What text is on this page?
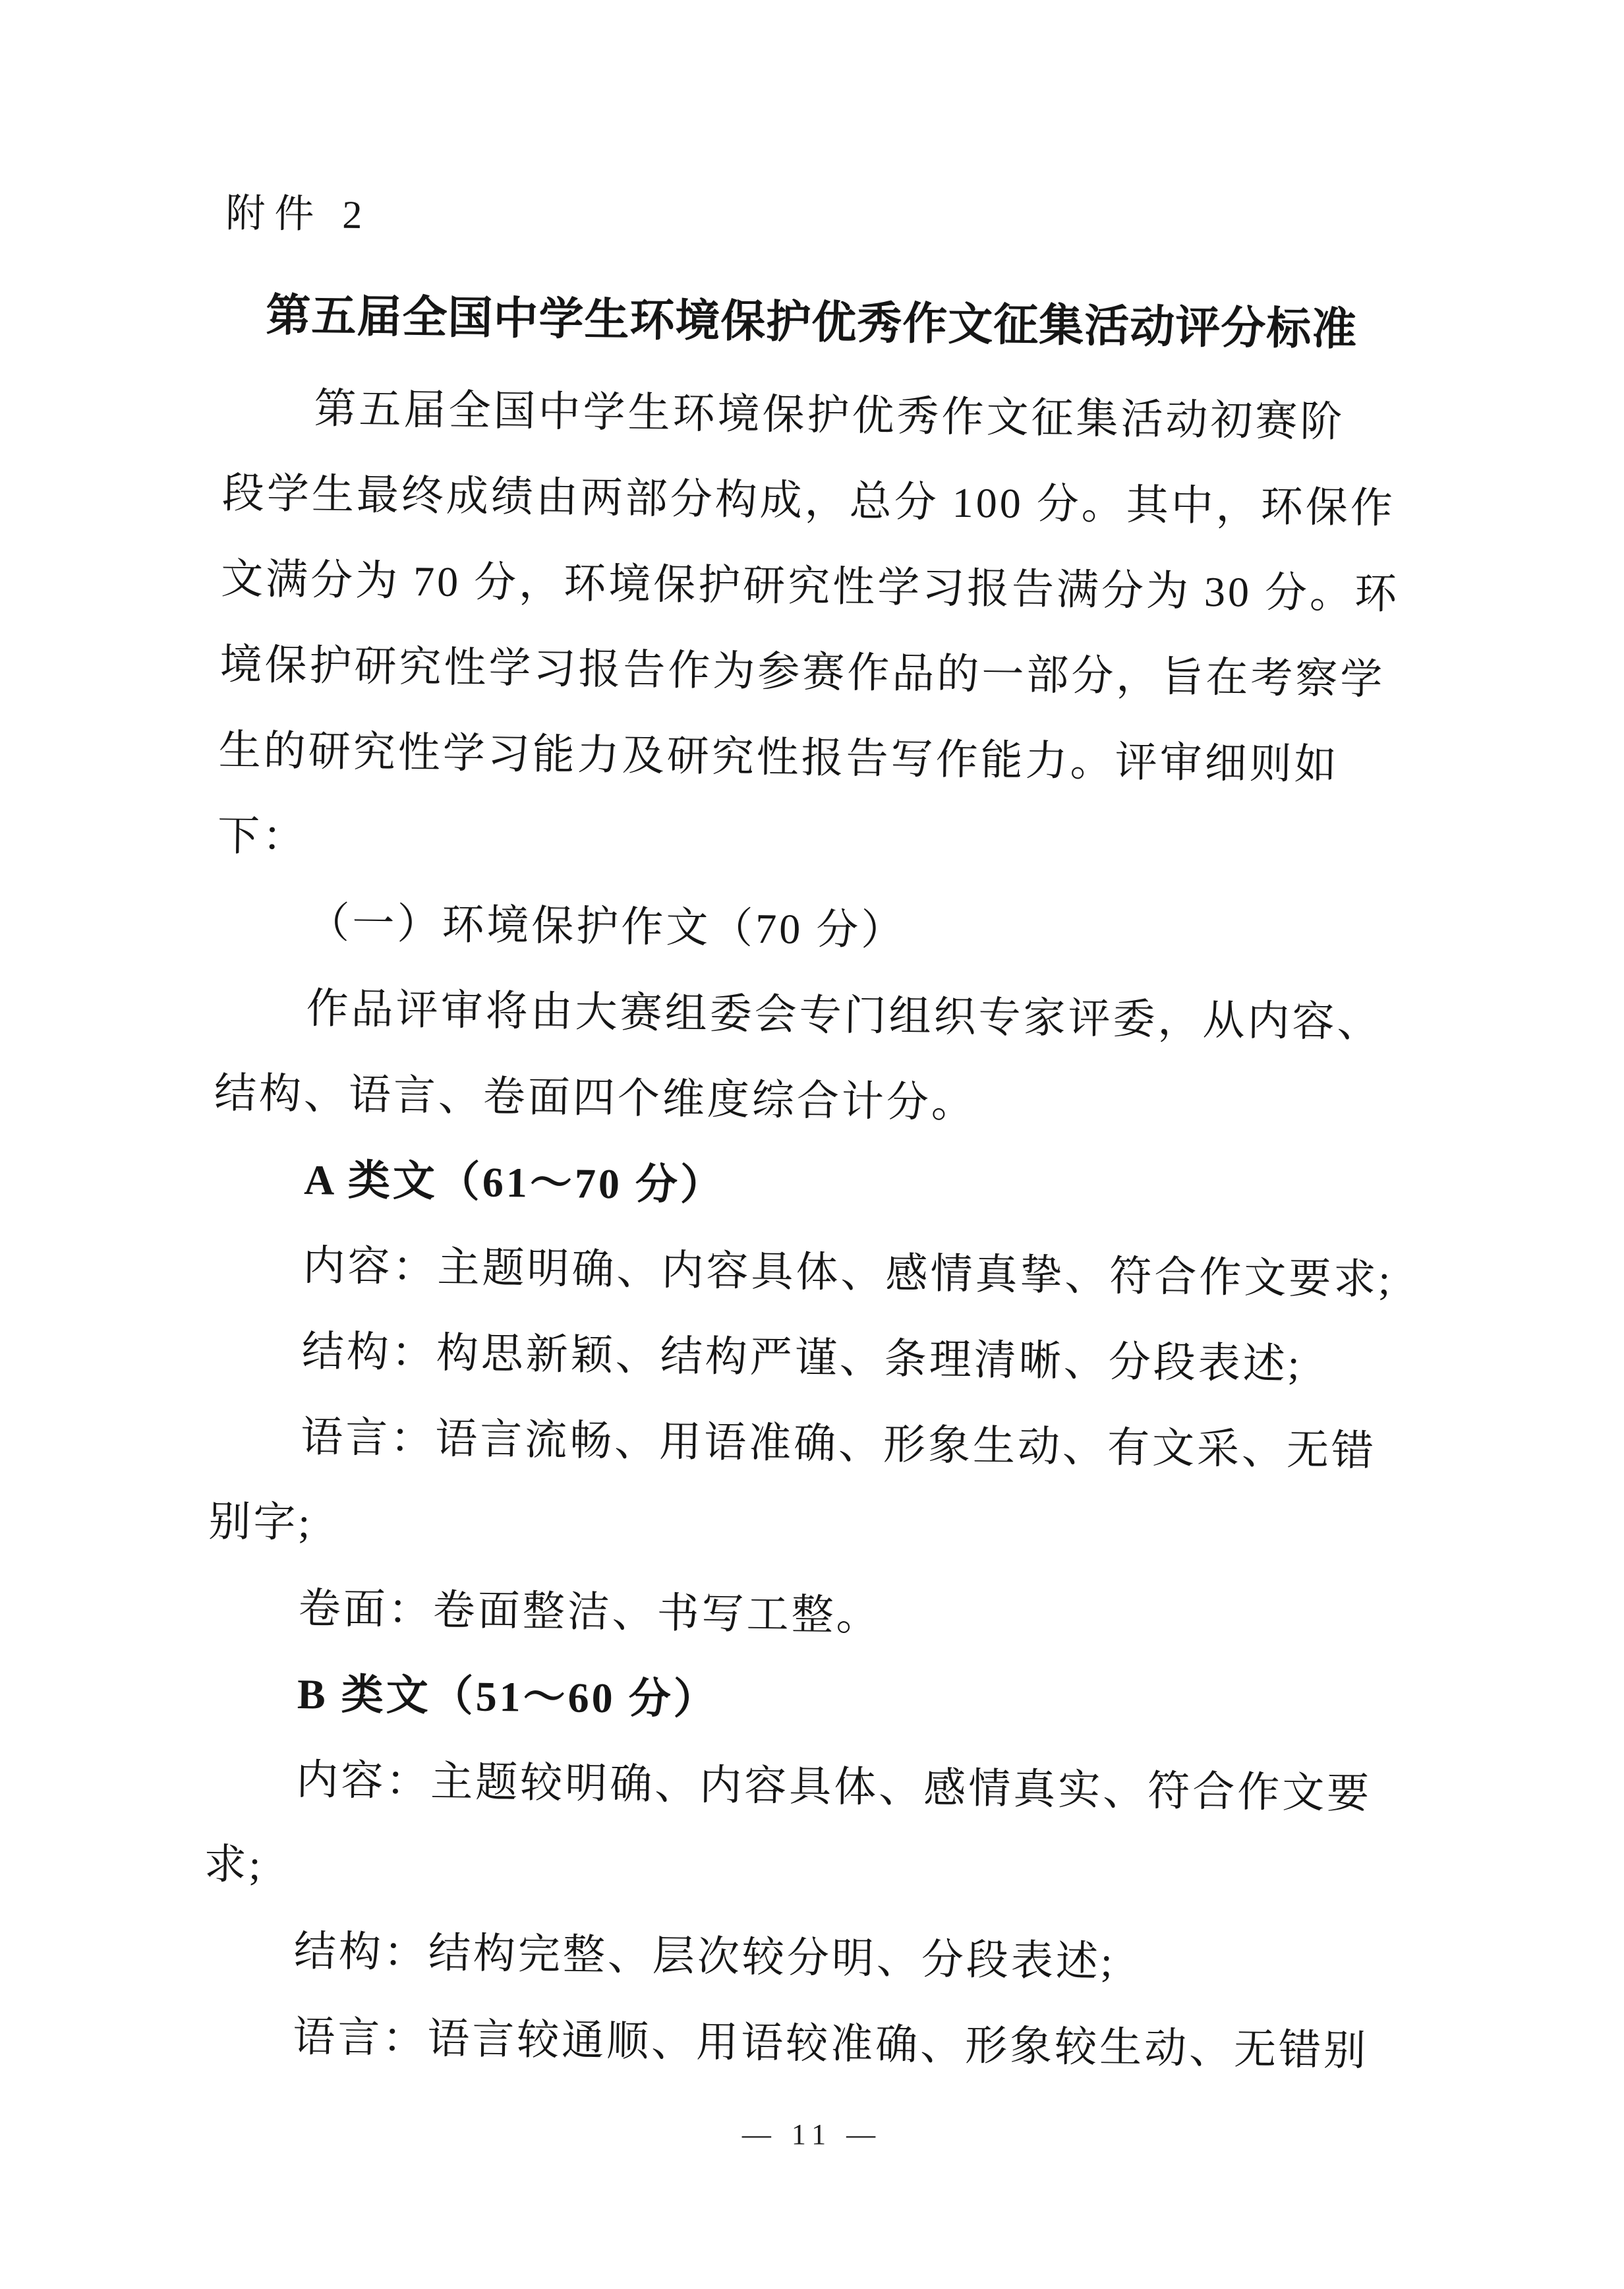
附件 2
第五届全国中学生环境保护优秀作文征集活动评分标准
第五届全国中学生环境保护优秀作文征集活动初赛阶
段学生最终成绩由两部分构成，总分 100 分。其中，环保作
文满分为 70 分，环境保护研究性学习报告满分为 30 分。环
境保护研究性学习报告作为参赛作品的一部分，旨在考察学
生的研究性学习能力及研究性报告写作能力。评审细则如
下：
（一）环境保护作文（70 分）
作品评审将由大赛组委会专门组织专家评委，从内容、
结构、语言、卷面四个维度综合计分。
A 类文（61～70 分）
内容：主题明确、内容具体、感情真挚、符合作文要求;
结构：构思新颖、结构严谨、条理清晰、分段表述;
语言：语言流畅、用语准确、形象生动、有文采、无错
别字;
卷面：卷面整洁、书写工整。
B 类文（51～60 分）
内容：主题较明确、内容具体、感情真实、符合作文要
求;
结构：结构完整、层次较分明、分段表述;
语言：语言较通顺、用语较准确、形象较生动、无错别
— 11 —
